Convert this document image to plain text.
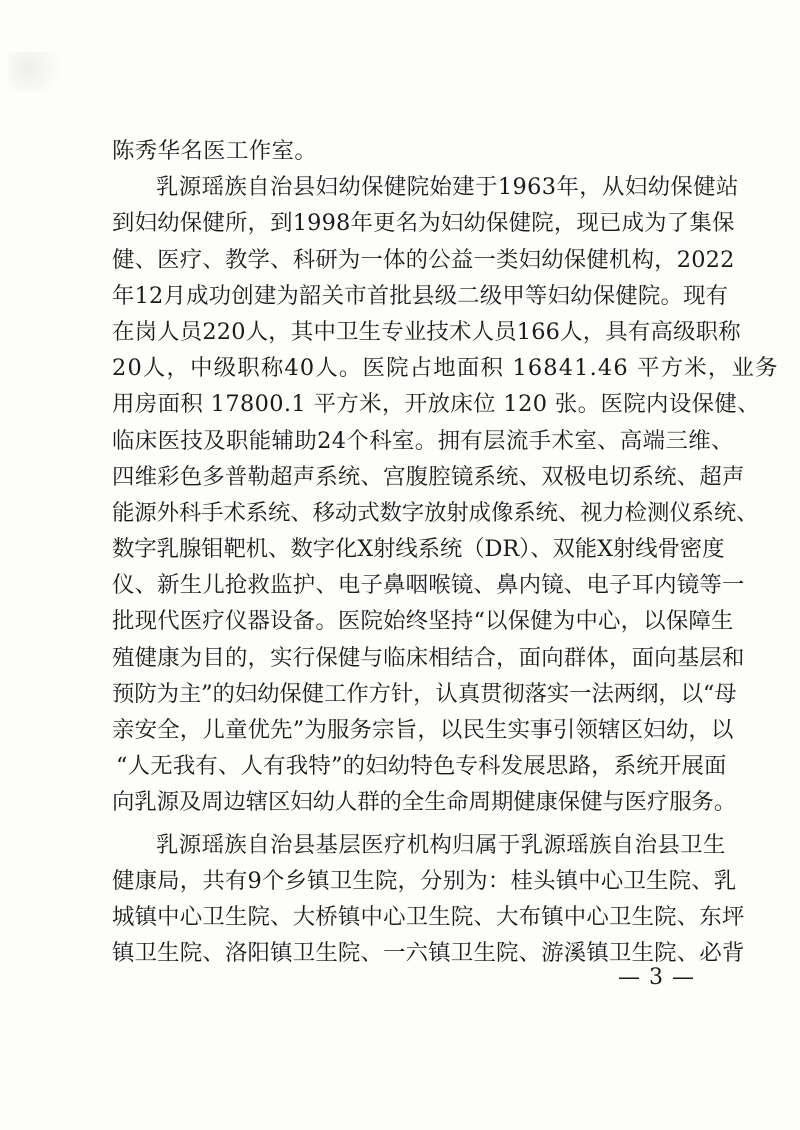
陈秀华名医工作室。
乳源瑶族自治县妇幼保健院始建于1963年，从妇幼保健站
到妇幼保健所，到1998年更名为妇幼保健院，现已成为了集保
健、医疗、教学、科研为一体的公益一类妇幼保健机构，2022
年12月成功创建为韶关市首批县级二级甲等妇幼保健院。现有
在岗人员220人，其中卫生专业技术人员166人，具有高级职称
20人，中级职称40人。医院占地面积 16841.46 平方米，业务
用房面积 17800.1 平方米，开放床位 120 张。医院内设保健、
临床医技及职能辅助24个科室。拥有层流手术室、高端三维、
四维彩色多普勒超声系统、宫腹腔镜系统、双极电切系统、超声
能源外科手术系统、移动式数字放射成像系统、视力检测仪系统、
数字乳腺钼靶机、数字化X射线系统（DR）、双能X射线骨密度
仪、新生儿抢救监护、电子鼻咽喉镜、鼻内镜、电子耳内镜等一
批现代医疗仪器设备。医院始终坚持“以保健为中心，以保障生
殖健康为目的，实行保健与临床相结合，面向群体，面向基层和
预防为主”的妇幼保健工作方针，认真贯彻落实一法两纲，以“母
亲安全，儿童优先”为服务宗旨，以民生实事引领辖区妇幼，以
“人无我有、人有我特”的妇幼特色专科发展思路，系统开展面
向乳源及周边辖区妇幼人群的全生命周期健康保健与医疗服务。
乳源瑶族自治县基层医疗机构归属于乳源瑶族自治县卫生
健康局，共有9个乡镇卫生院，分别为：桂头镇中心卫生院、乳
城镇中心卫生院、大桥镇中心卫生院、大布镇中心卫生院、东坪
镇卫生院、洛阳镇卫生院、一六镇卫生院、游溪镇卫生院、必背
— 3 —
